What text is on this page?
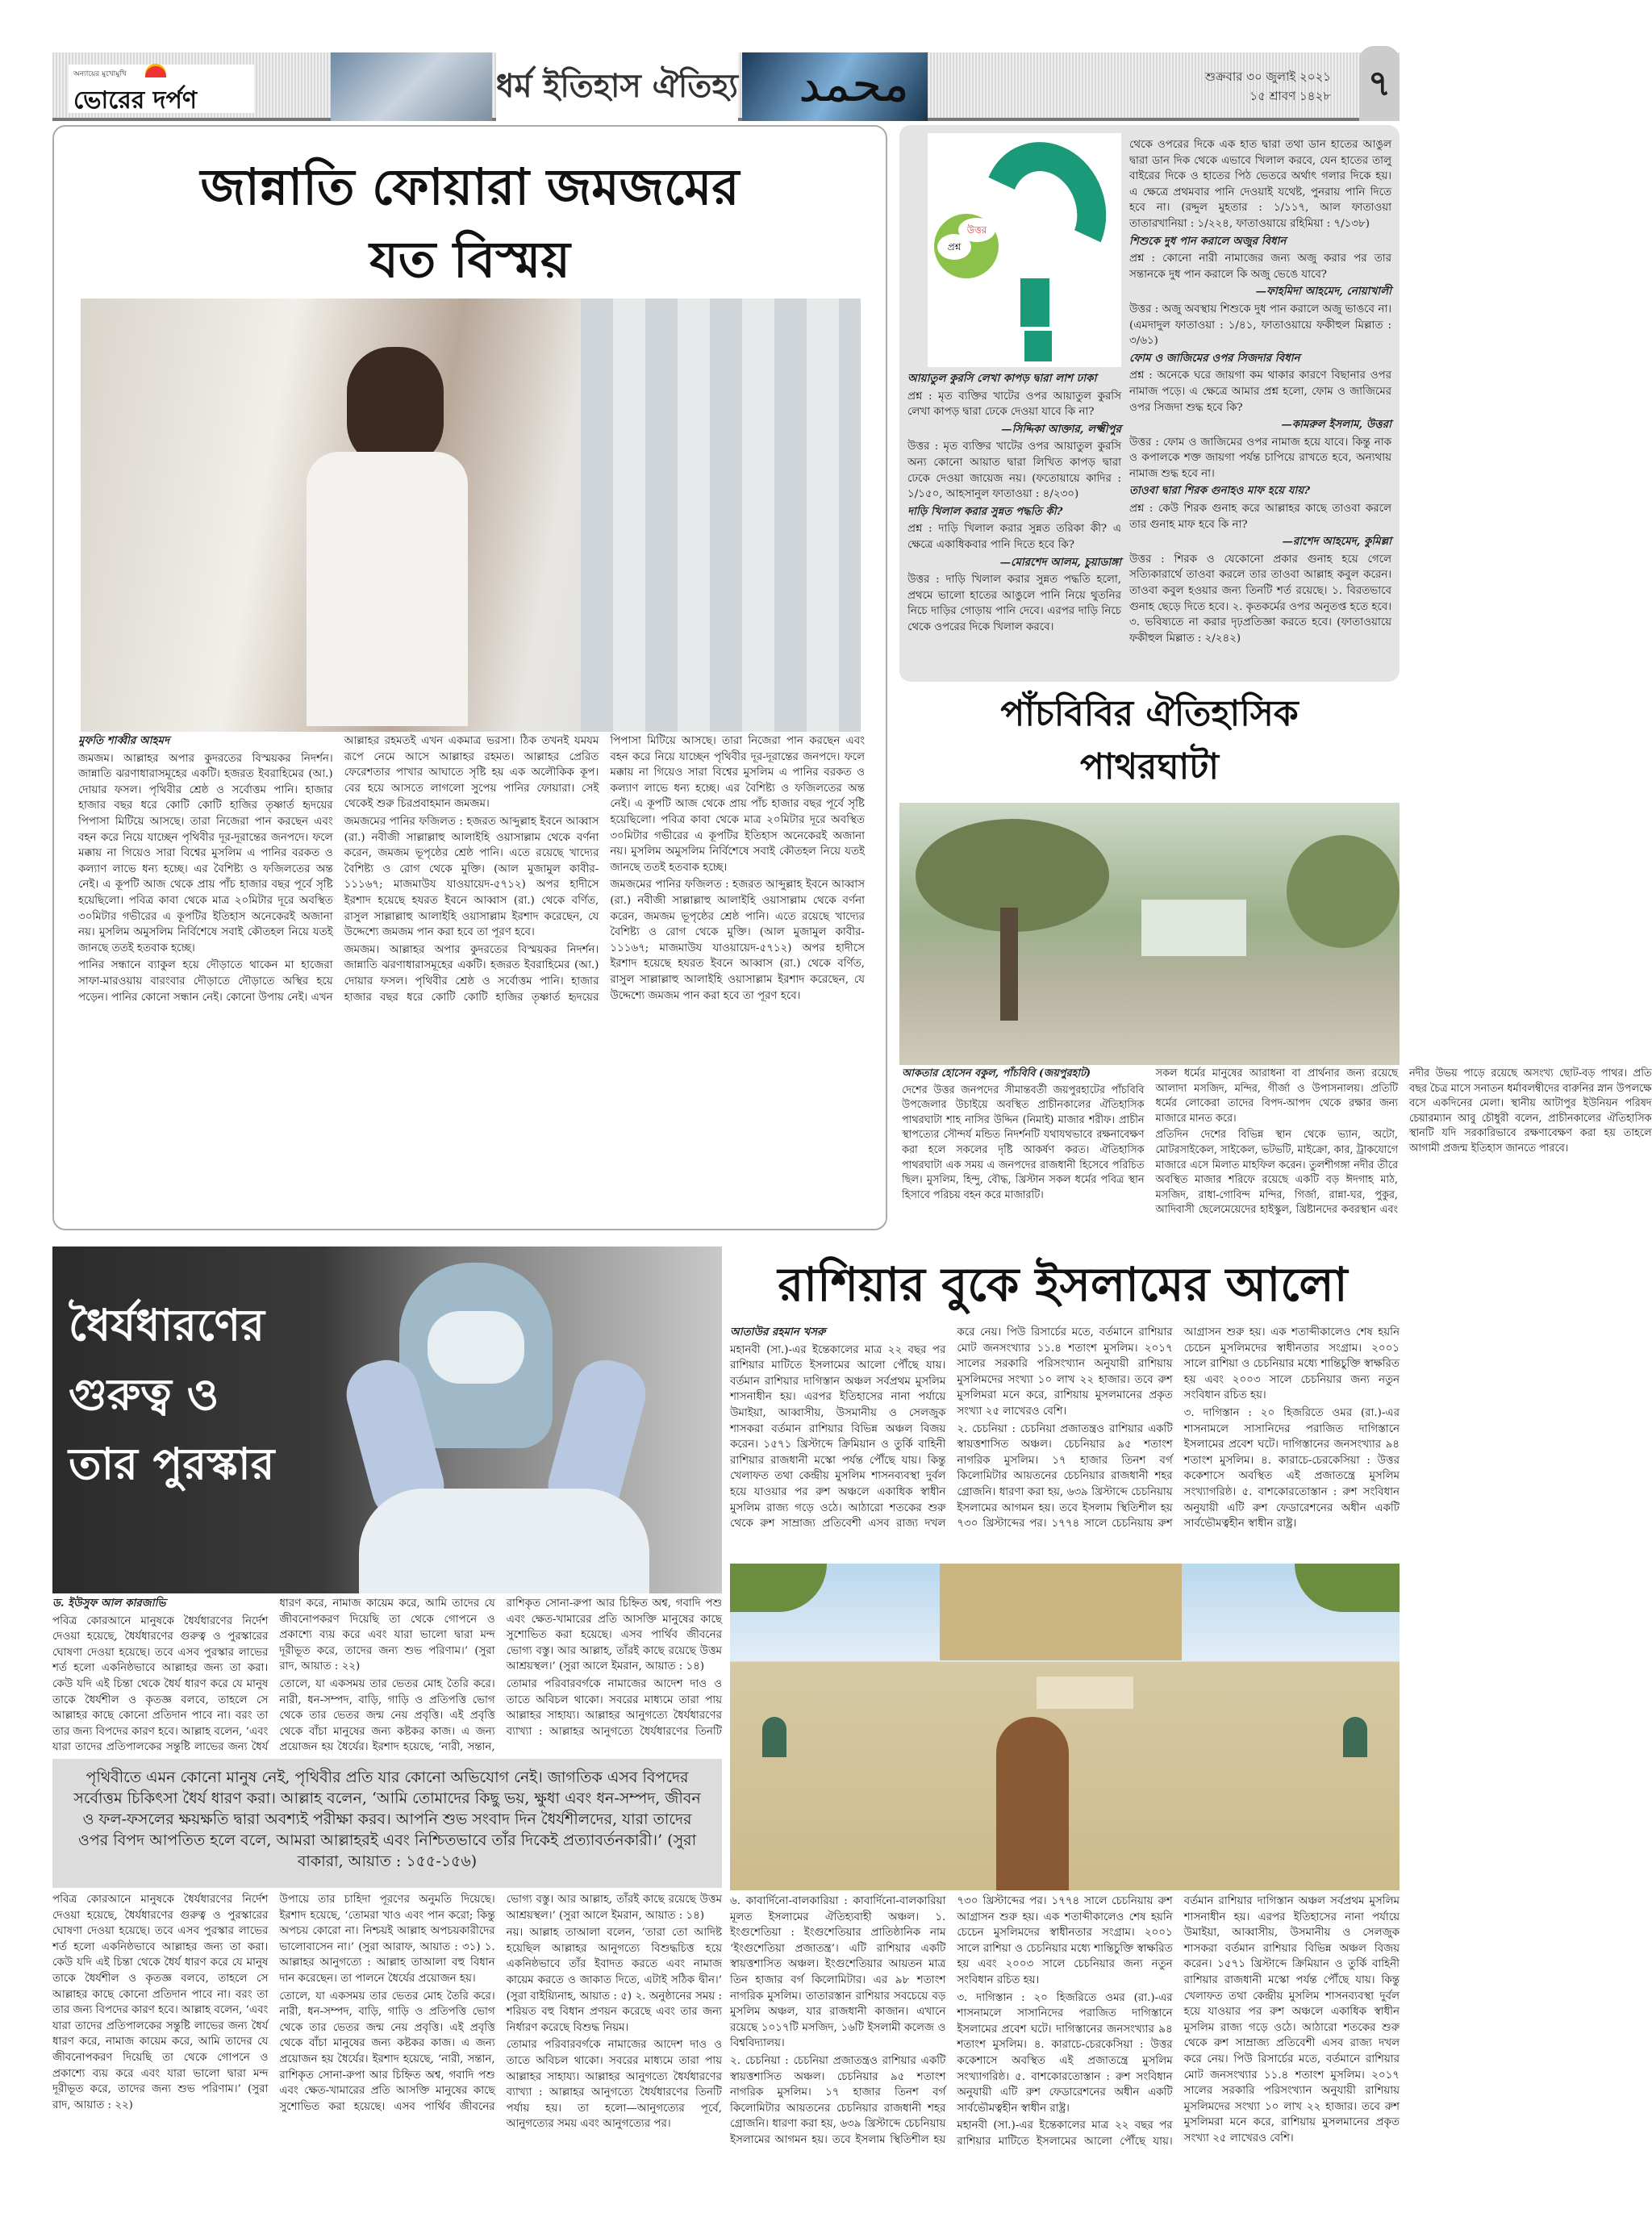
অন্যায়ের মুখোমুখি
ভোরের দর্পণ	ধর্ম ইতিহাস ঐতিহ্য محمد	শুক্রবার ৩০ জুলাই ২০২১
১৫ শ্রাবণ ১৪২৮ ৭
জান্নাতি ফোয়ারা জমজমের
যত বিস্ময়

মুফতি শাব্বীর আহমদ

জমজম। আল্লাহর অপার কুদরতের বিস্ময়কর নিদর্শন। জান্নাতি ঝরণাধারাসমূহের একটি। হজরত ইবরাহিমের (আ.) দোয়ার ফসল। পৃথিবীর শ্রেষ্ঠ ও সর্বোত্তম পানি। হাজার হাজার বছর ধরে কোটি কোটি হাজির তৃষ্ণার্ত হৃদয়ের পিপাসা মিটিয়ে আসছে। তারা নিজেরা পান করছেন এবং বহন করে নিয়ে যাচ্ছেন পৃথিবীর দূর-দূরান্তের জনপদে। ফলে মক্কায় না গিয়েও সারা বিশ্বের মুসলিম এ পানির বরকত ও কল্যাণ লাভে ধন্য হচ্ছে। এর বৈশিষ্ট্য ও ফজিলতের অন্ত নেই। এ কূপটি আজ থেকে প্রায় পাঁচ হাজার বছর পূর্বে সৃষ্টি হয়েছিলো। পবিত্র কাবা থেকে মাত্র ২০মিটার দূরে অবস্থিত ৩০মিটার গভীরের এ কূপটির ইতিহাস অনেকেরই অজানা নয়। মুসলিম অমুসলিম নির্বিশেষে সবাই কৌতহল নিয়ে যতই জানছে ততই হতবাক হচ্ছে।

পানির সন্ধানে ব্যাকুল হয়ে দৌড়াতে থাকেন মা হাজেরা সাফা-মারওয়ায় বারংবার দৌড়াতে দৌড়াতে অস্থির হয়ে পড়েন। পানির কোনো সন্ধান নেই। কোনো উপায় নেই। এখন আল্লাহর রহমতই এখন একমাত্র ভরসা। ঠিক তখনই যমযম রূপে নেমে আসে আল্লাহর রহমত। আল্লাহর প্রেরিত ফেরেশতার পাখার আঘাতে সৃষ্টি হয় এক অলৌকিক কূপ। বের হয়ে আসতে লাগলো সুপেয় পানির ফোয়ারা। সেই থেকেই শুরু চিরপ্রবাহমান জমজম।

জমজমের পানির ফজিলত : হজরত আব্দুল্লাহ ইবনে আব্বাস (রা.) নবীজী সাল্লাল্লাহু আলাইহি ওয়াসাল্লাম থেকে বর্ণনা করেন, জমজম ভূপৃষ্ঠের শ্রেষ্ঠ পানি। এতে রয়েছে খাদ্যের বৈশিষ্ট্য ও রোগ থেকে মুক্তি। (আল মুজামুল কাবীর- ১১১৬৭; মাজমাউয যাওয়ায়েদ-৫৭১২) অপর হাদীসে ইরশাদ হয়েছে হযরত ইবনে আব্বাস (রা.) থেকে বর্ণিত, রাসুল সাল্লাল্লাহু আলাইহি ওয়াসাল্লাম ইরশাদ করেছেন, যে উদ্দেশ্যে জমজম পান করা হবে তা পূরণ হবে।

জমজম। আল্লাহর অপার কুদরতের বিস্ময়কর নিদর্শন। জান্নাতি ঝরণাধারাসমূহের একটি। হজরত ইবরাহিমের (আ.) দোয়ার ফসল। পৃথিবীর শ্রেষ্ঠ ও সর্বোত্তম পানি। হাজার হাজার বছর ধরে কোটি কোটি হাজির তৃষ্ণার্ত হৃদয়ের পিপাসা মিটিয়ে আসছে। তারা নিজেরা পান করছেন এবং বহন করে নিয়ে যাচ্ছেন পৃথিবীর দূর-দূরান্তের জনপদে। ফলে মক্কায় না গিয়েও সারা বিশ্বের মুসলিম এ পানির বরকত ও কল্যাণ লাভে ধন্য হচ্ছে। এর বৈশিষ্ট্য ও ফজিলতের অন্ত নেই। এ কূপটি আজ থেকে প্রায় পাঁচ হাজার বছর পূর্বে সৃষ্টি হয়েছিলো। পবিত্র কাবা থেকে মাত্র ২০মিটার দূরে অবস্থিত ৩০মিটার গভীরের এ কূপটির ইতিহাস অনেকেরই অজানা নয়। মুসলিম অমুসলিম নির্বিশেষে সবাই কৌতহল নিয়ে যতই জানছে ততই হতবাক হচ্ছে।

জমজমের পানির ফজিলত : হজরত আব্দুল্লাহ ইবনে আব্বাস (রা.) নবীজী সাল্লাল্লাহু আলাইহি ওয়াসাল্লাম থেকে বর্ণনা করেন, জমজম ভূপৃষ্ঠের শ্রেষ্ঠ পানি। এতে রয়েছে খাদ্যের বৈশিষ্ট্য ও রোগ থেকে মুক্তি। (আল মুজামুল কাবীর- ১১১৬৭; মাজমাউয যাওয়ায়েদ-৫৭১২) অপর হাদীসে ইরশাদ হয়েছে হযরত ইবনে আব্বাস (রা.) থেকে বর্ণিত, রাসুল সাল্লাল্লাহু আলাইহি ওয়াসাল্লাম ইরশাদ করেছেন, যে উদ্দেশ্যে জমজম পান করা হবে তা পূরণ হবে।

প্রশ্ন
উত্তর

আয়াতুল কুরসি লেখা কাপড় দ্বারা লাশ ঢাকা

প্রশ্ন : মৃত ব্যক্তির খাটের ওপর আয়াতুল কুরসি লেখা কাপড় দ্বারা ঢেকে দেওয়া যাবে কি না?

—সিদ্দিকা আক্তার, লক্ষ্মীপুর

উত্তর : মৃত ব্যক্তির খাটের ওপর আয়াতুল কুরসি অন্য কোনো আয়াত দ্বারা লিখিত কাপড় দ্বারা ঢেকে দেওয়া জায়েজ নয়। (ফতোয়ায়ে কাদির : ১/১৫০, আহসানুল ফাতাওয়া : ৪/২৩০)

দাড়ি খিলাল করার সুন্নত পদ্ধতি কী?

প্রশ্ন : দাড়ি খিলাল করার সুন্নত তরিকা কী? এ ক্ষেত্রে একাধিকবার পানি দিতে হবে কি?

—মোরশেদ আলম, চুয়াডাঙ্গা

উত্তর : দাড়ি খিলাল করার সুন্নত পদ্ধতি হলো, প্রথমে ভালো হাতের আঙুলে পানি নিয়ে থুতনির নিচে দাড়ির গোড়ায় পানি দেবে। এরপর দাড়ি নিচে থেকে ওপরের দিকে খিলাল করবে।

থেকে ওপরের দিকে এক হাত দ্বারা তথা ডান হাতের আঙুল দ্বারা ডান দিক থেকে এভাবে খিলাল করবে, যেন হাতের তালু বাইরের দিকে ও হাতের পিঠ ভেতরে অর্থাৎ গলার দিকে হয়। এ ক্ষেত্রে প্রথমবার পানি দেওয়াই যথেষ্ট, পুনরায় পানি দিতে হবে না। (রদ্দুল মুহতার : ১/১১৭, আল ফাতাওয়া তাতারখানিয়া : ১/২২৪, ফাতাওয়ায়ে রহিমিয়া : ৭/১৩৮)

শিশুকে দুধ পান করালে অজুর বিধান

প্রশ্ন : কোনো নারী নামাজের জন্য অজু করার পর তার সন্তানকে দুধ পান করালে কি অজু ভেঙে যাবে?

—ফাহমিদা আহমেদ, নোয়াখালী

উত্তর : অজু অবস্থায় শিশুকে দুধ পান করালে অজু ভাঙবে না। (এমদাদুল ফাতাওয়া : ১/৪১, ফাতাওয়ায়ে ফকীহুল মিল্লাত : ৩/৬১)

ফোম ও জাজিমের ওপর সিজদার বিধান

প্রশ্ন : অনেকে ঘরে জায়গা কম থাকার কারণে বিছানার ওপর নামাজ পড়ে। এ ক্ষেত্রে আমার প্রশ্ন হলো, ফোম ও জাজিমের ওপর সিজদা শুদ্ধ হবে কি?

—কামরুল ইসলাম, উত্তরা

উত্তর : ফোম ও জাজিমের ওপর নামাজ হয়ে যাবে। কিন্তু নাক ও কপালকে শক্ত জায়গা পর্যন্ত চাপিয়ে রাখতে হবে, অন্যথায় নামাজ শুদ্ধ হবে না।

তাওবা দ্বারা শিরক গুনাহও মাফ হয়ে যায়?

প্রশ্ন : কেউ শিরক গুনাহ করে আল্লাহর কাছে তাওবা করলে তার গুনাহ মাফ হবে কি না?

—রাশেদ আহমেদ, কুমিল্লা

উত্তর : শিরক ও যেকোনো প্রকার গুনাহ হয়ে গেলে সত্যিকারার্থে তাওবা করলে তার তাওবা আল্লাহ কবুল করেন। তাওবা কবুল হওয়ার জন্য তিনটি শর্ত রয়েছে। ১. বিরতভাবে গুনাহ ছেড়ে দিতে হবে। ২. কৃতকর্মের ওপর অনুতপ্ত হতে হবে। ৩. ভবিষ্যতে না করার দৃঢ়প্রতিজ্ঞা করতে হবে। (ফাতাওয়ায়ে ফকীহুল মিল্লাত : ২/২৪২)

পাঁচবিবির ঐতিহাসিক
পাথরঘাটা

আকতার হোসেন বকুল, পাঁচবিবি (জয়পুরহাট)

দেশের উত্তর জনপদের সীমান্তবর্তী জয়পুরহাটের পাঁচবিবি উপজেলার উচাইয়ে অবস্থিত প্রাচীনকালের ঐতিহাসিক পাথরঘাটা শাহ নাসির উদ্দিন (নিমাই) মাজার শরীফ। প্রাচীন স্থাপত্যের সৌন্দর্য মন্ডিত নিদর্শনটি যথাযথভাবে রক্ষনাবেক্ষণ করা হলে সকলের দৃষ্টি আকর্ষণ করত। ঐতিহাসিক পাথরঘাটা এক সময় এ জনপদের রাজধানী হিসেবে পরিচিত ছিল। মুসলিম, হিন্দু, বৌদ্ধ, খ্রিস্টান সকল ধর্মের পবিত্র স্থান হিসাবে পরিচয় বহন করে মাজারটি।

সকল ধর্মের মানুষের আরাধনা বা প্রার্থনার জন্য রয়েছে আলাদা মসজিদ, মন্দির, গীর্জা ও উপাসনালয়। প্রতিটি ধর্মের লোকেরা তাদের বিপদ-আপদ থেকে রক্ষার জন্য মাজারে মানত করে।

প্রতিদিন দেশের বিভিন্ন স্থান থেকে ভ্যান, অটো, মোটরসাইকেল, সাইকেল, ভটভটি, মাইক্রো, কার, ট্রাকযোগে মাজারে এসে মিলাত মাহফিল করেন। তুলশীগঙ্গা নদীর তীরে অবস্থিত মাজার শরিফে রয়েছে একটি বড় ঈদগাহ মাঠ, মসজিদ, রাধা-গোবিন্দ মন্দির, গির্জা, রান্না-ঘর, পুকুর, আদিবাসী ছেলেমেয়েদের হাইস্কুল, খ্রিষ্টানদের কবরস্থান এবং নদীর উভয় পাড়ে রয়েছে অসংখ্য ছোট-বড় পাথর। প্রতি বছর চৈত্র মাসে সনাতন ধর্মাবলম্বীদের বারুনির স্নান উপলক্ষে বসে একদিনের মেলা। স্থানীয় আটাপুর ইউনিয়ন পরিষদ চেয়ারম্যান আবু চৌধুরী বলেন, প্রাচীনকালের ঐতিহাসিক স্থানটি যদি সরকারিভাবে রক্ষণাবেক্ষণ করা হয় তাহলে আগামী প্রজন্ম ইতিহাস জানতে পারবে।

ধৈর্যধারণের
গুরুত্ব ও
তার পুরস্কার

ড. ইউসুফ আল কারজাভি

পবিত্র কোরআনে মানুষকে ধৈর্যধারণের নির্দেশ দেওয়া হয়েছে, ধৈর্যধারণের গুরুত্ব ও পুরস্কারের ঘোষণা দেওয়া হয়েছে। তবে এসব পুরস্কার লাভের শর্ত হলো একনিষ্ঠভাবে আল্লাহর জন্য তা করা। কেউ যদি এই চিন্তা থেকে ধৈর্য ধারণ করে যে মানুষ তাকে ধৈর্যশীল ও কৃতজ্ঞ বলবে, তাহলে সে আল্লাহর কাছে কোনো প্রতিদান পাবে না। বরং তা তার জন্য বিপদের কারণ হবে। আল্লাহ বলেন, ‘এবং যারা তাদের প্রতিপালকের সন্তুষ্টি লাভের জন্য ধৈর্য ধারণ করে, নামাজ কায়েম করে, আমি তাদের যে জীবনোপকরণ দিয়েছি তা থেকে গোপনে ও প্রকাশ্যে ব্যয় করে এবং যারা ভালো দ্বারা মন্দ দূরীভূত করে, তাদের জন্য শুভ পরিণাম।’ (সুরা রাদ, আয়াত : ২২)

তোলে, যা একসময় তার ভেতর মোহ তৈরি করে। নারী, ধন-সম্পদ, বাড়ি, গাড়ি ও প্রতিপত্তি ভোগ থেকে তার ভেতর জন্ম নেয় প্রবৃত্তি। এই প্রবৃত্তি থেকে বাঁচা মানুষের জন্য কষ্টকর কাজ। এ জন্য প্রয়োজন হয় ধৈর্যের। ইরশাদ হয়েছে, ‘নারী, সন্তান, রাশিকৃত সোনা-রুপা আর চিহ্নিত অশ্ব, গবাদি পশু এবং ক্ষেত-খামারের প্রতি আসক্তি মানুষের কাছে সুশোভিত করা হয়েছে। এসব পার্থিব জীবনের ভোগ্য বস্তু। আর আল্লাহ, তাঁরই কাছে রয়েছে উত্তম আশ্রয়স্থল।’ (সুরা আলে ইমরান, আয়াত : ১৪)

তোমার পরিবারবর্গকে নামাজের আদেশ দাও ও তাতে অবিচল থাকো। সবরের মাধ্যমে তারা পায় আল্লাহর সাহায্য। আল্লাহর আনুগত্যে ধৈর্যধারণের ব্যাখ্যা : আল্লাহর আনুগত্যে ধৈর্যধারণের তিনটি

পৃথিবীতে এমন কোনো মানুষ নেই, পৃথিবীর প্রতি যার কোনো অভিযোগ নেই। জাগতিক এসব বিপদের সর্বোত্তম চিকিৎসা ধৈর্য ধারণ করা। আল্লাহ বলেন, ‘আমি তোমাদের কিছু ভয়, ক্ষুধা এবং ধন-সম্পদ, জীবন ও ফল-ফসলের ক্ষয়ক্ষতি দ্বারা অবশ্যই পরীক্ষা করব। আপনি শুভ সংবাদ দিন ধৈর্যশীলদের, যারা তাদের ওপর বিপদ আপতিত হলে বলে, আমরা আল্লাহরই এবং নিশ্চিতভাবে তাঁর দিকেই প্রত্যাবর্তনকারী।’ (সুরা বাকারা, আয়াত : ১৫৫-১৫৬)

পবিত্র কোরআনে মানুষকে ধৈর্যধারণের নির্দেশ দেওয়া হয়েছে, ধৈর্যধারণের গুরুত্ব ও পুরস্কারের ঘোষণা দেওয়া হয়েছে। তবে এসব পুরস্কার লাভের শর্ত হলো একনিষ্ঠভাবে আল্লাহর জন্য তা করা। কেউ যদি এই চিন্তা থেকে ধৈর্য ধারণ করে যে মানুষ তাকে ধৈর্যশীল ও কৃতজ্ঞ বলবে, তাহলে সে আল্লাহর কাছে কোনো প্রতিদান পাবে না। বরং তা তার জন্য বিপদের কারণ হবে। আল্লাহ বলেন, ‘এবং যারা তাদের প্রতিপালকের সন্তুষ্টি লাভের জন্য ধৈর্য ধারণ করে, নামাজ কায়েম করে, আমি তাদের যে জীবনোপকরণ দিয়েছি তা থেকে গোপনে ও প্রকাশ্যে ব্যয় করে এবং যারা ভালো দ্বারা মন্দ দূরীভূত করে, তাদের জন্য শুভ পরিণাম।’ (সুরা রাদ, আয়াত : ২২)

উপায়ে তার চাহিদা পূরণের অনুমতি দিয়েছে। ইরশাদ হয়েছে, ‘তোমরা খাও এবং পান করো; কিন্তু অপচয় কোরো না। নিশ্চয়ই আল্লাহ অপচয়কারীদের ভালোবাসেন না।’ (সুরা আরাফ, আয়াত : ৩১) ১. আল্লাহর আনুগত্যে : আল্লাহ তাআলা বহু বিধান দান করেছেন। তা পালনে ধৈর্যের প্রয়োজন হয়।

তোলে, যা একসময় তার ভেতর মোহ তৈরি করে। নারী, ধন-সম্পদ, বাড়ি, গাড়ি ও প্রতিপত্তি ভোগ থেকে তার ভেতর জন্ম নেয় প্রবৃত্তি। এই প্রবৃত্তি থেকে বাঁচা মানুষের জন্য কষ্টকর কাজ। এ জন্য প্রয়োজন হয় ধৈর্যের। ইরশাদ হয়েছে, ‘নারী, সন্তান, রাশিকৃত সোনা-রুপা আর চিহ্নিত অশ্ব, গবাদি পশু এবং ক্ষেত-খামারের প্রতি আসক্তি মানুষের কাছে সুশোভিত করা হয়েছে। এসব পার্থিব জীবনের ভোগ্য বস্তু। আর আল্লাহ, তাঁরই কাছে রয়েছে উত্তম আশ্রয়স্থল।’ (সুরা আলে ইমরান, আয়াত : ১৪)

নয়। আল্লাহ তাআলা বলেন, ‘তারা তো আদিষ্ট হয়েছিল আল্লাহর আনুগত্যে বিশুদ্ধচিত্ত হয়ে একনিষ্ঠভাবে তাঁর ইবাদত করতে এবং নামাজ কায়েম করতে ও জাকাত দিতে, এটাই সঠিক দ্বীন।’ (সুরা বাইয়্যিনাহ, আয়াত : ৫) ২. অনুষ্ঠানের সময় : শরিয়ত বহু বিধান প্রণয়ন করেছে এবং তার জন্য নির্ধারণ করেছে বিশুদ্ধ নিয়ম।

তোমার পরিবারবর্গকে নামাজের আদেশ দাও ও তাতে অবিচল থাকো। সবরের মাধ্যমে তারা পায় আল্লাহর সাহায্য। আল্লাহর আনুগত্যে ধৈর্যধারণের ব্যাখ্যা : আল্লাহর আনুগত্যে ধৈর্যধারণের তিনটি পর্যায় হয়। তা হলো—আনুগত্যের পূর্বে, আনুগত্যের সময় এবং আনুগত্যের পর।

রাশিয়ার বুকে ইসলামের আলো

আতাউর রহমান খসরু

মহানবী (সা.)-এর ইন্তেকালের মাত্র ২২ বছর পর রাশিয়ার মাটিতে ইসলামের আলো পৌঁছে যায়। বর্তমান রাশিয়ার দাগিস্তান অঞ্চল সর্বপ্রথম মুসলিম শাসনাধীন হয়। এরপর ইতিহাসের নানা পর্যায়ে উমাইয়া, আব্বাসীয়, উসমানীয় ও সেলজুক শাসকরা বর্তমান রাশিয়ার বিভিন্ন অঞ্চল বিজয় করেন। ১৫৭১ খ্রিস্টাব্দে ক্রিমিয়ান ও তুর্কি বাহিনী রাশিয়ার রাজধানী মস্কো পর্যন্ত পৌঁছে যায়। কিন্তু খেলাফত তথা কেন্দ্রীয় মুসলিম শাসনব্যবস্থা দুর্বল হয়ে যাওয়ার পর রুশ অঞ্চলে একাধিক স্বাধীন মুসলিম রাজ্য গড়ে ওঠে। আঠারো শতকের শুরু থেকে রুশ সাম্রাজ্য প্রতিবেশী এসব রাজ্য দখল করে নেয়। পিউ রিসার্চের মতে, বর্তমানে রাশিয়ার মোট জনসংখ্যার ১১.৪ শতাংশ মুসলিম। ২০১৭ সালের সরকারি পরিসংখ্যান অনুযায়ী রাশিয়ায় মুসলিমদের সংখ্যা ১০ লাখ ২২ হাজার। তবে রুশ মুসলিমরা মনে করে, রাশিয়ায় মুসলমানের প্রকৃত সংখ্যা ২৫ লাখেরও বেশি।

২. চেচনিয়া : চেচনিয়া প্রজাতন্ত্রও রাশিয়ার একটি স্বায়ত্তশাসিত অঞ্চল। চেচনিয়ার ৯৫ শতাংশ নাগরিক মুসলিম। ১৭ হাজার তিনশ বর্গ কিলোমিটার আয়তনের চেচনিয়ার রাজধানী শহর গ্রোজনি। ধারণা করা হয়, ৬৩৯ খ্রিস্টাব্দে চেচনিয়ায় ইসলামের আগমন হয়। তবে ইসলাম স্থিতিশীল হয় ৭৩০ খ্রিস্টাব্দের পর। ১৭৭৪ সালে চেচনিয়ায় রুশ আগ্রাসন শুরু হয়। এক শতাব্দীকালেও শেষ হয়নি চেচেন মুসলিমদের স্বাধীনতার সংগ্রাম। ২০০১ সালে রাশিয়া ও চেচনিয়ার মধ্যে শান্তিচুক্তি স্বাক্ষরিত হয় এবং ২০০৩ সালে চেচনিয়ার জন্য নতুন সংবিধান রচিত হয়।

৩. দাগিস্তান : ২০ হিজরিতে ওমর (রা.)-এর শাসনামলে সাসানিদের পরাজিত দাগিস্তানে ইসলামের প্রবেশ ঘটে। দাগিস্তানের জনসংখ্যার ৯৪ শতাংশ মুসলিম। ৪. কারাচে-চেরকেসিয়া : উত্তর ককেশাসে অবস্থিত এই প্রজাতন্ত্রে মুসলিম সংখ্যাগরিষ্ঠ। ৫. বাশকোরতোস্তান : রুশ সংবিধান অনুযায়ী এটি রুশ ফেডারেশনের অধীন একটি সার্বভৌমত্বহীন স্বাধীন রাষ্ট্র।

৬. কাবার্দিনো-বালকারিয়া : কাবার্দিনো-বালকারিয়া মূলত ইসলামের ঐতিহ্যবাহী অঞ্চল। ১. ইংগুশেতিয়া : ইংগুশেতিয়ার প্রাতিষ্ঠানিক নাম ‘ইংগুশেতিয়া প্রজাতন্ত্র’। এটি রাশিয়ার একটি স্বায়ত্তশাসিত অঞ্চল। ইংগুশেতিয়ার আয়তন মাত্র তিন হাজার বর্গ কিলোমিটার। এর ৯৮ শতাংশ নাগরিক মুসলিম। তাতারস্তান রাশিয়ার সবচেয়ে বড় মুসলিম অঞ্চল, যার রাজধানী কাজান। এখানে রয়েছে ১০১৭টি মসজিদ, ১৬টি ইসলামী কলেজ ও বিশ্ববিদ্যালয়।

২. চেচনিয়া : চেচনিয়া প্রজাতন্ত্রও রাশিয়ার একটি স্বায়ত্তশাসিত অঞ্চল। চেচনিয়ার ৯৫ শতাংশ নাগরিক মুসলিম। ১৭ হাজার তিনশ বর্গ কিলোমিটার আয়তনের চেচনিয়ার রাজধানী শহর গ্রোজনি। ধারণা করা হয়, ৬৩৯ খ্রিস্টাব্দে চেচনিয়ায় ইসলামের আগমন হয়। তবে ইসলাম স্থিতিশীল হয় ৭৩০ খ্রিস্টাব্দের পর। ১৭৭৪ সালে চেচনিয়ায় রুশ আগ্রাসন শুরু হয়। এক শতাব্দীকালেও শেষ হয়নি চেচেন মুসলিমদের স্বাধীনতার সংগ্রাম। ২০০১ সালে রাশিয়া ও চেচনিয়ার মধ্যে শান্তিচুক্তি স্বাক্ষরিত হয় এবং ২০০৩ সালে চেচনিয়ার জন্য নতুন সংবিধান রচিত হয়।

৩. দাগিস্তান : ২০ হিজরিতে ওমর (রা.)-এর শাসনামলে সাসানিদের পরাজিত দাগিস্তানে ইসলামের প্রবেশ ঘটে। দাগিস্তানের জনসংখ্যার ৯৪ শতাংশ মুসলিম। ৪. কারাচে-চেরকেসিয়া : উত্তর ককেশাসে অবস্থিত এই প্রজাতন্ত্রে মুসলিম সংখ্যাগরিষ্ঠ। ৫. বাশকোরতোস্তান : রুশ সংবিধান অনুযায়ী এটি রুশ ফেডারেশনের অধীন একটি সার্বভৌমত্বহীন স্বাধীন রাষ্ট্র।

মহানবী (সা.)-এর ইন্তেকালের মাত্র ২২ বছর পর রাশিয়ার মাটিতে ইসলামের আলো পৌঁছে যায়। বর্তমান রাশিয়ার দাগিস্তান অঞ্চল সর্বপ্রথম মুসলিম শাসনাধীন হয়। এরপর ইতিহাসের নানা পর্যায়ে উমাইয়া, আব্বাসীয়, উসমানীয় ও সেলজুক শাসকরা বর্তমান রাশিয়ার বিভিন্ন অঞ্চল বিজয় করেন। ১৫৭১ খ্রিস্টাব্দে ক্রিমিয়ান ও তুর্কি বাহিনী রাশিয়ার রাজধানী মস্কো পর্যন্ত পৌঁছে যায়। কিন্তু খেলাফত তথা কেন্দ্রীয় মুসলিম শাসনব্যবস্থা দুর্বল হয়ে যাওয়ার পর রুশ অঞ্চলে একাধিক স্বাধীন মুসলিম রাজ্য গড়ে ওঠে। আঠারো শতকের শুরু থেকে রুশ সাম্রাজ্য প্রতিবেশী এসব রাজ্য দখল করে নেয়। পিউ রিসার্চের মতে, বর্তমানে রাশিয়ার মোট জনসংখ্যার ১১.৪ শতাংশ মুসলিম। ২০১৭ সালের সরকারি পরিসংখ্যান অনুযায়ী রাশিয়ায় মুসলিমদের সংখ্যা ১০ লাখ ২২ হাজার। তবে রুশ মুসলিমরা মনে করে, রাশিয়ায় মুসলমানের প্রকৃত সংখ্যা ২৫ লাখেরও বেশি।
